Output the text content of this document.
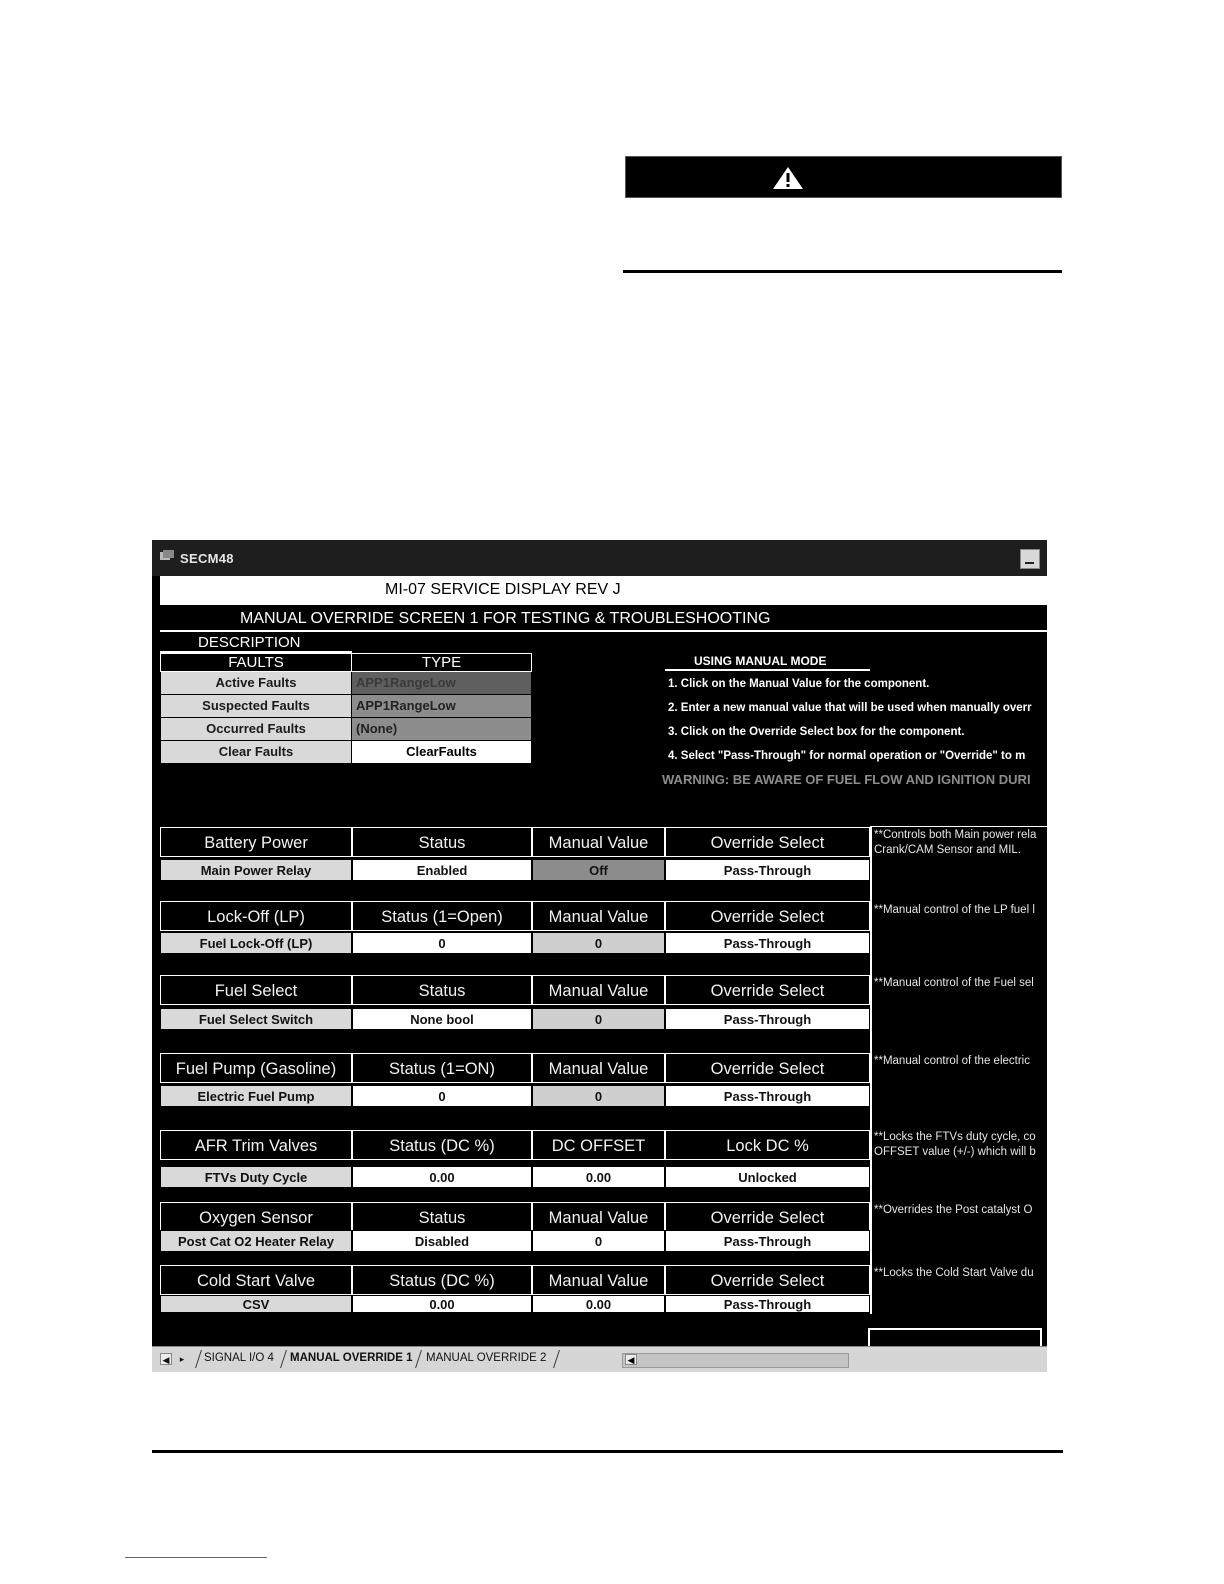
SECM48
MI-07 SERVICE DISPLAY REV J
MANUAL OVERRIDE SCREEN 1 FOR TESTING & TROUBLESHOOTING
DESCRIPTION
FAULTS	TYPE
Active Faults	APP1RangeLow
Suspected Faults	APP1RangeLow
Occurred Faults	(None)
Clear Faults	ClearFaults
USING MANUAL MODE
1. Click on the Manual Value for the component.
2. Enter a new manual value that will be used when manually overr
3. Click on the Override Select box for the component.
4. Select "Pass-Through" for normal operation or "Override" to m
WARNING: BE AWARE OF FUEL FLOW AND IGNITION DURI
Battery Power	Status	Manual Value	Override Select
Main Power Relay	Enabled	Off	Pass-Through
**Controls both Main power rela
Crank/CAM Sensor and MIL.
Lock-Off (LP)	Status (1=Open)	Manual Value	Override Select
Fuel Lock-Off (LP)	0	0	Pass-Through
**Manual control of the LP fuel l
Fuel Select	Status	Manual Value	Override Select
Fuel Select Switch	None bool	0	Pass-Through
**Manual control of the Fuel sel
Fuel Pump (Gasoline)	Status (1=ON)	Manual Value	Override Select
Electric Fuel Pump	0	0	Pass-Through
**Manual control of the electric
AFR Trim Valves	Status (DC %)	DC OFFSET	Lock DC %
FTVs Duty Cycle	0.00	0.00	Unlocked
**Locks the FTVs duty cycle, co
OFFSET value (+/-) which will b
Oxygen Sensor	Status	Manual Value	Override Select
Post Cat O2 Heater Relay	Disabled	0	Pass-Through
**Overrides the Post catalyst O
Cold Start Valve	Status (DC %)	Manual Value	Override Select
CSV	0.00	0.00	Pass-Through
**Locks the Cold Start Valve du
◀	▸	SIGNAL I/O 4 MANUAL OVERRIDE 1 MANUAL OVERRIDE 2	◀
